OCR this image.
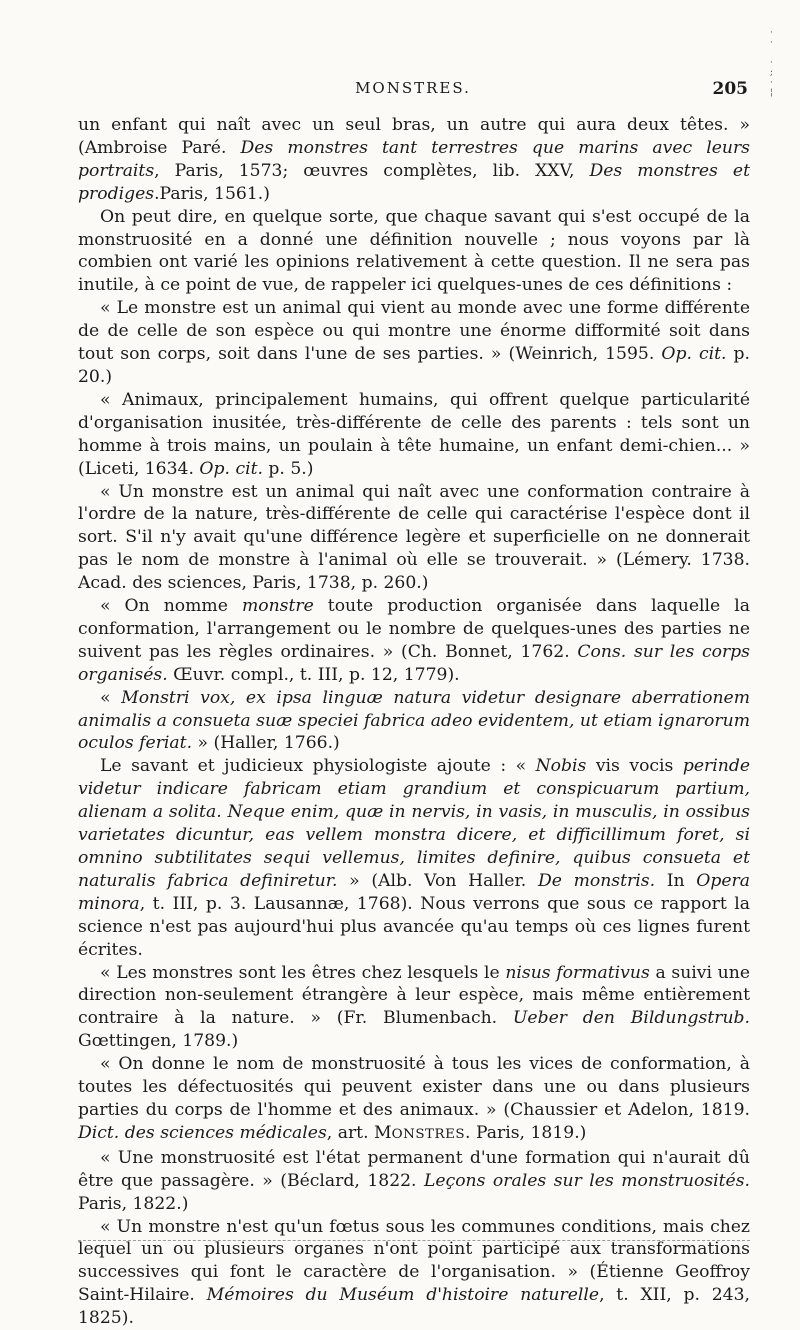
·
·

·
;
·
¦
MONSTRES.	205

un enfant qui naît avec un seul bras, un autre qui aura deux têtes. » (Ambroise Paré. Des monstres tant terrestres que marins avec leurs portraits, Paris, 1573; œuvres complètes, lib. XXV, Des monstres et prodiges.Paris, 1561.)

On peut dire, en quelque sorte, que chaque savant qui s'est occupé de la monstruosité en a donné une définition nouvelle ; nous voyons par là combien ont varié les opinions relativement à cette question. Il ne sera pas inutile, à ce point de vue, de rappeler ici quelques-unes de ces définitions :

« Le monstre est un animal qui vient au monde avec une forme différente de de celle de son espèce ou qui montre une énorme difformité soit dans tout son corps, soit dans l'une de ses parties. » (Weinrich, 1595. Op. cit. p. 20.)

« Animaux, principalement humains, qui offrent quelque particularité d'organisation inusitée, très-différente de celle des parents : tels sont un homme à trois mains, un poulain à tête humaine, un enfant demi-chien... » (Liceti, 1634. Op. cit. p. 5.)

« Un monstre est un animal qui naît avec une conformation contraire à l'ordre de la nature, très-différente de celle qui caractérise l'espèce dont il sort. S'il n'y avait qu'une différence legère et superficielle on ne donnerait pas le nom de monstre à l'animal où elle se trouverait. » (Lémery. 1738. Acad. des sciences, Paris, 1738, p. 260.)

« On nomme monstre toute production organisée dans laquelle la conformation, l'arrangement ou le nombre de quelques-unes des parties ne suivent pas les règles ordinaires. » (Ch. Bonnet, 1762. Cons. sur les corps organisés. Œuvr. compl., t. III, p. 12, 1779).

« Monstri vox, ex ipsa linguæ natura videtur designare aberrationem animalis a consueta suæ speciei fabrica adeo evidentem, ut etiam ignarorum oculos feriat. » (Haller, 1766.)

Le savant et judicieux physiologiste ajoute : « Nobis vis vocis perinde videtur indicare fabricam etiam grandium et conspicuarum partium, alienam a solita. Neque enim, quæ in nervis, in vasis, in musculis, in ossibus varietates dicuntur, eas vellem monstra dicere, et difficillimum foret, si omnino subtilitates sequi vellemus, limites definire, quibus consueta et naturalis fabrica definiretur. » (Alb. Von Haller. De monstris. In Opera minora, t. III, p. 3. Lausannæ, 1768). Nous verrons que sous ce rapport la science n'est pas aujourd'hui plus avancée qu'au temps où ces lignes furent écrites.

« Les monstres sont les êtres chez lesquels le nisus formativus a suivi une direction non-seulement étrangère à leur espèce, mais même entièrement contraire à la nature. » (Fr. Blumenbach. Ueber den Bildungstrub. Gœttingen, 1789.)

« On donne le nom de monstruosité à tous les vices de conformation, à toutes les défectuosités qui peuvent exister dans une ou dans plusieurs parties du corps de l'homme et des animaux. » (Chaussier et Adelon, 1819. Dict. des sciences médicales, art. MONSTRES. Paris, 1819.)

« Une monstruosité est l'état permanent d'une formation qui n'aurait dû être que passagère. » (Béclard, 1822. Leçons orales sur les monstruosités. Paris, 1822.)

« Un monstre n'est qu'un fœtus sous les communes conditions, mais chez lequel un ou plusieurs organes n'ont point participé aux transformations successives qui font le caractère de l'organisation. » (Étienne Geoffroy Saint-Hilaire. Mémoires du Muséum d'histoire naturelle, t. XII, p. 243, 1825).
